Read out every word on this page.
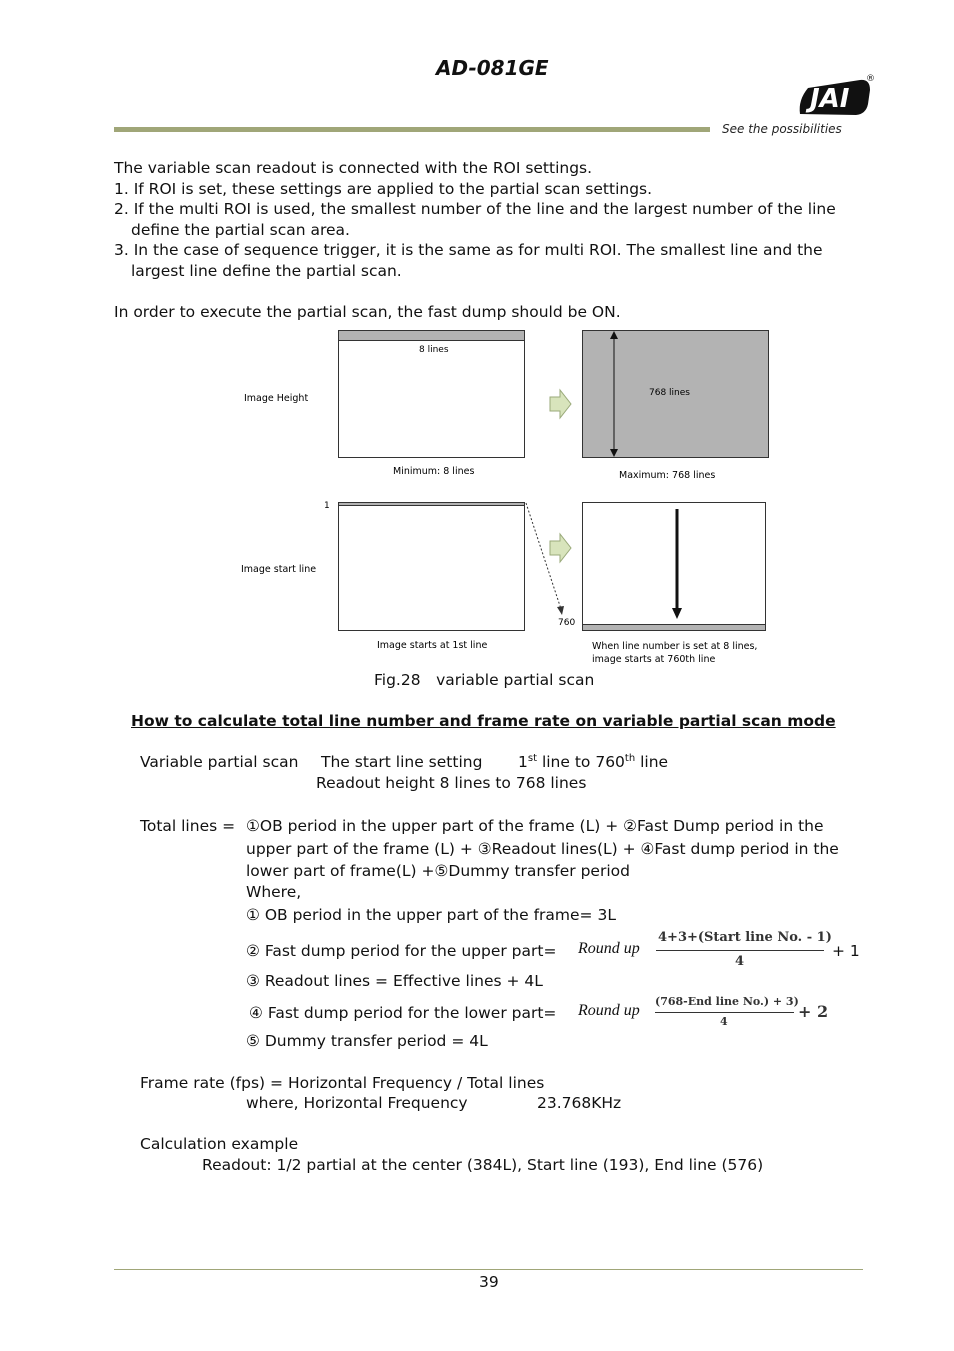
AD-081GE
JAI
®
See the possibilities
The variable scan readout is connected with the ROI settings.
1. If ROI is set, these settings are applied to the partial scan settings.
2. If the multi ROI is used, the smallest number of the line and the largest number of the line
define the partial scan area.
3. In the case of sequence trigger, it is the same as for multi ROI. The smallest line and the
largest line define the partial scan.
In order to execute the partial scan, the fast dump should be ON.
8 lines
Image Height
Minimum: 8 lines
768 lines
Maximum: 768 lines
1
Image start line
Image starts at 1st line
760
When line number is set at 8 lines,
image starts at 760th line
Fig.28　variable partial scan
How to calculate total line number and frame rate on variable partial scan mode
Variable partial scan The start line setting 1st line to 760th line
Readout height 8 lines to 768 lines
Total lines = ①OB period in the upper part of the frame (L) + ②Fast Dump period in the
upper part of the frame (L) + ③Readout lines(L) + ④Fast dump period in the
lower part of frame(L) +⑤Dummy transfer period
Where,
① OB period in the upper part of the frame= 3L
② Fast dump period for the upper part= Round up
4+3+(Start line No. - 1)
4
+ 1
③ Readout lines = Effective lines + 4L
④ Fast dump period for the lower part= Round up
(768-End line No.) + 3)
4
+ 2
⑤ Dummy transfer period = 4L
Frame rate (fps) = Horizontal Frequency / Total lines
where, Horizontal Frequency	23.768KHz
Calculation example
Readout: 1/2 partial at the center (384L), Start line (193), End line (576)
39
